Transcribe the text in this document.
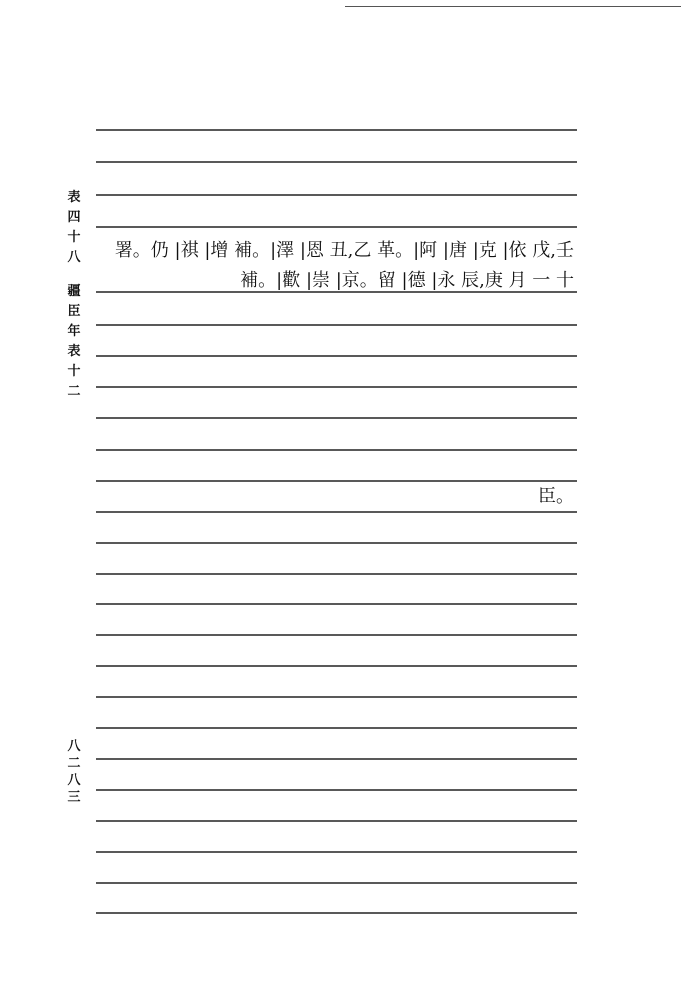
表
四
十
八
疆
臣
年
表
十
二
八
二
八
三
署。仍 |祺 |增 補。|澤 |恩 丑,乙 革。|阿 |唐 |克 |依 戊,壬
補。|歡 |崇 |京。留 |德 |永 辰,庚 月 一 十
臣。
